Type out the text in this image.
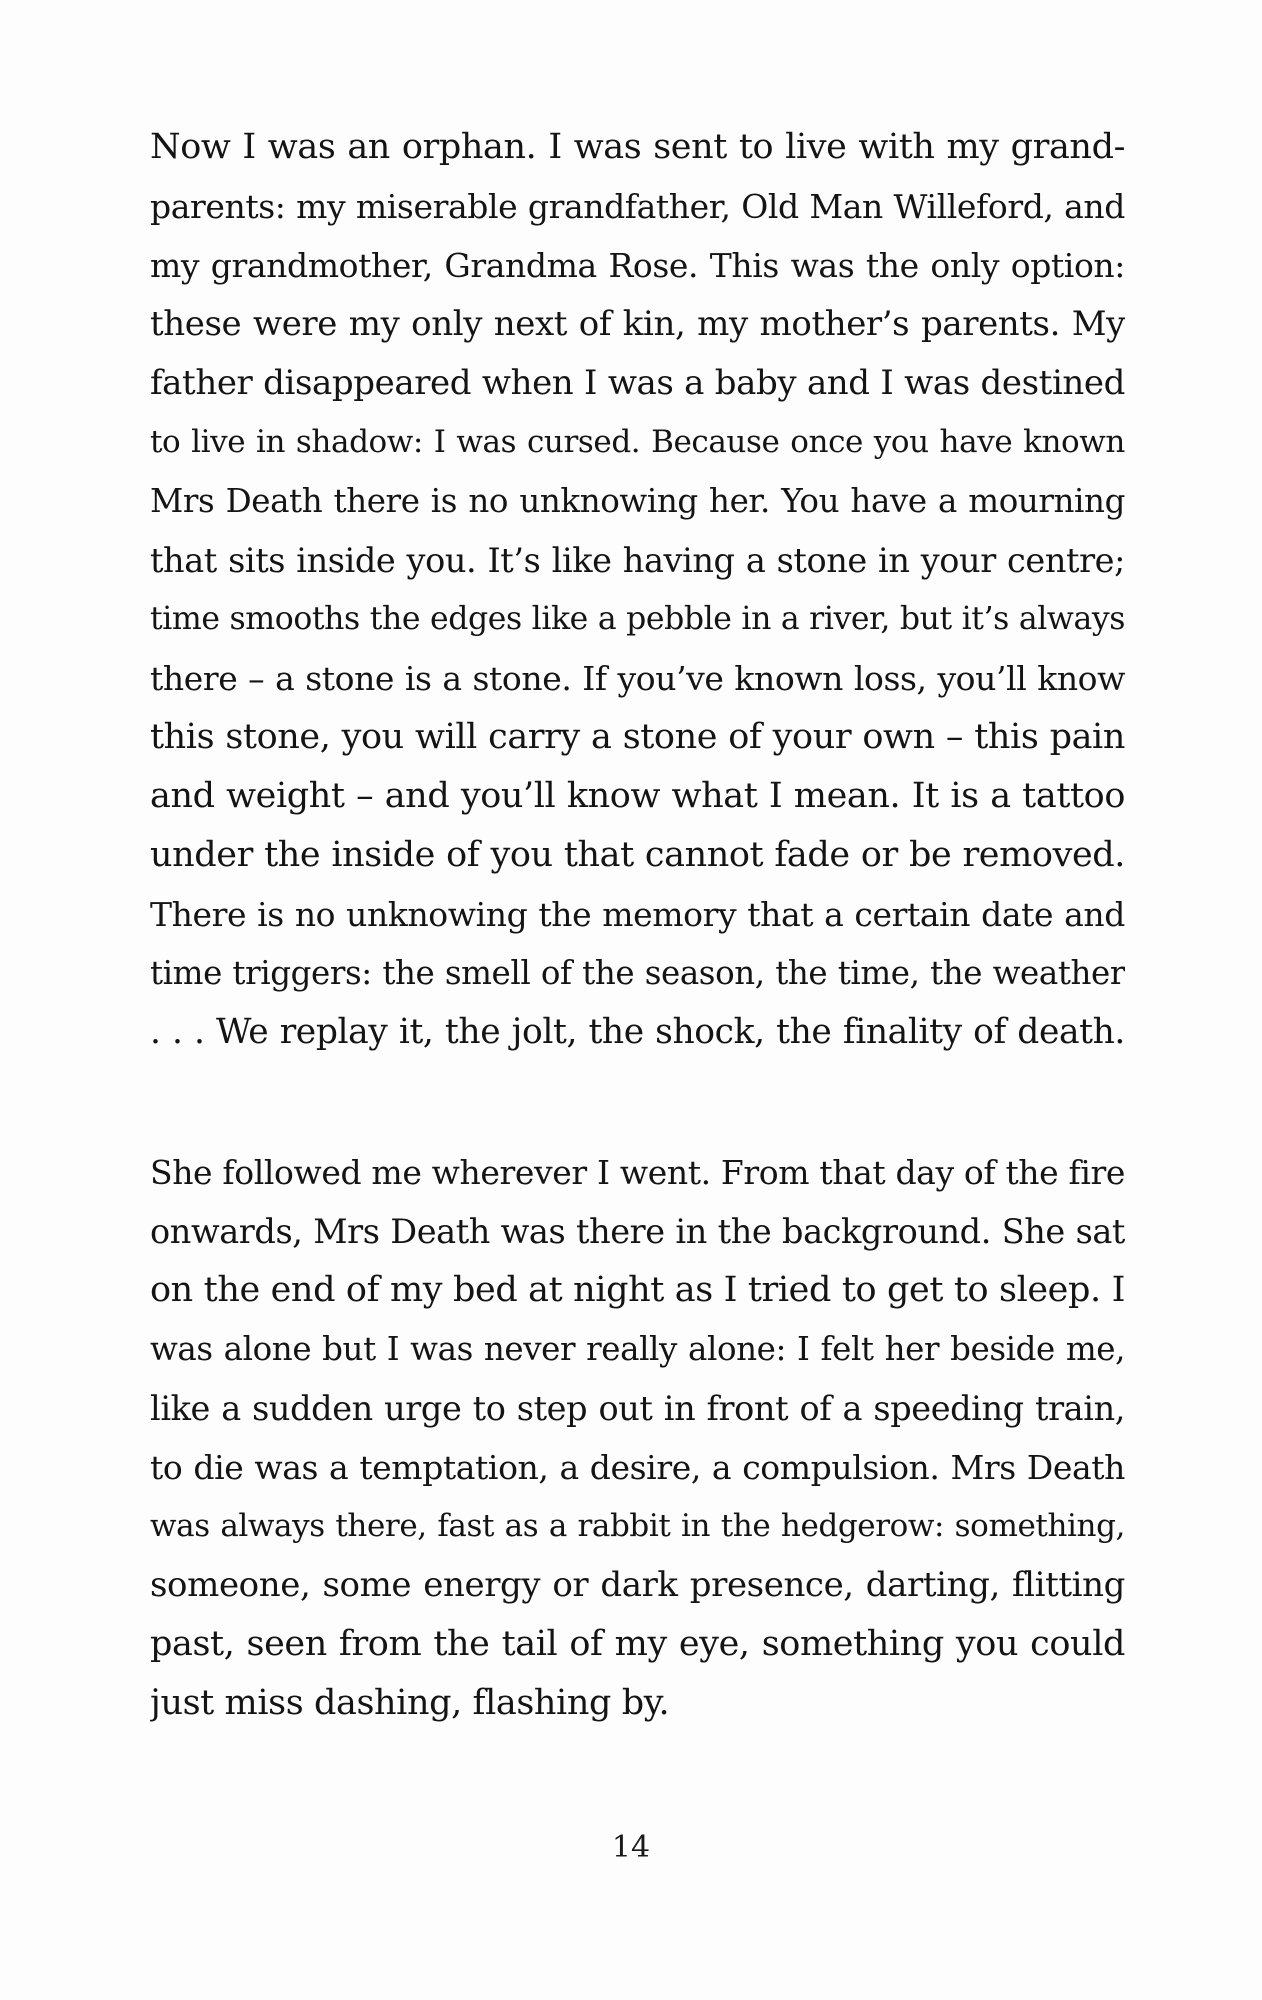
Now I was an orphan. I was sent to live with my grand-
parents: my miserable grandfather, Old Man Willeford, and
my grandmother, Grandma Rose. This was the only option:
these were my only next of kin, my mother’s parents. My
father disappeared when I was a baby and I was destined
to live in shadow: I was cursed. Because once you have known
Mrs Death there is no unknowing her. You have a mourning
that sits inside you. It’s like having a stone in your centre;
time smooths the edges like a pebble in a river, but it’s always
there – a stone is a stone. If you’ve known loss, you’ll know
this stone, you will carry a stone of your own – this pain
and weight – and you’ll know what I mean. It is a tattoo
under the inside of you that cannot fade or be removed.
There is no unknowing the memory that a certain date and
time triggers: the smell of the season, the time, the weather
. . . We replay it, the jolt, the shock, the finality of death.
She followed me wherever I went. From that day of the fire
onwards, Mrs Death was there in the background. She sat
on the end of my bed at night as I tried to get to sleep. I
was alone but I was never really alone: I felt her beside me,
like a sudden urge to step out in front of a speeding train,
to die was a temptation, a desire, a compulsion. Mrs Death
was always there, fast as a rabbit in the hedgerow: something,
someone, some energy or dark presence, darting, flitting
past, seen from the tail of my eye, something you could
just miss dashing, flashing by.
14
